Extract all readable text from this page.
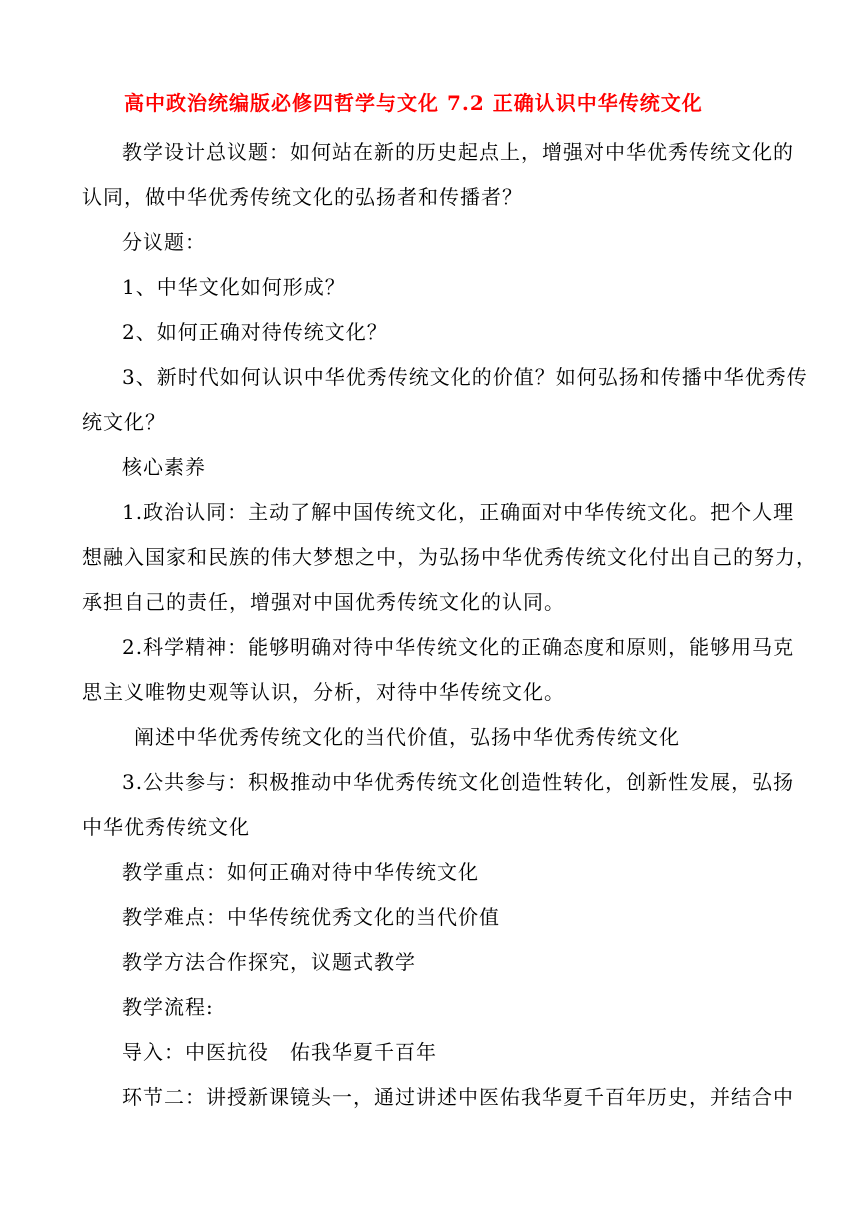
高中政治统编版必修四哲学与文化 7.2 正确认识中华传统文化
教学设计总议题：如何站在新的历史起点上，增强对中华优秀传统文化的
认同，做中华优秀传统文化的弘扬者和传播者？
分议题：
1、中华文化如何形成？
2、如何正确对待传统文化？
3、新时代如何认识中华优秀传统文化的价值？如何弘扬和传播中华优秀传
统文化？
核心素养
1.政治认同：主动了解中国传统文化，正确面对中华传统文化。把个人理
想融入国家和民族的伟大梦想之中，为弘扬中华优秀传统文化付出自己的努力，
承担自己的责任，增强对中国优秀传统文化的认同。
2.科学精神：能够明确对待中华传统文化的正确态度和原则，能够用马克
思主义唯物史观等认识，分析，对待中华传统文化。
阐述中华优秀传统文化的当代价值，弘扬中华优秀传统文化
3.公共参与：积极推动中华优秀传统文化创造性转化，创新性发展，弘扬
中华优秀传统文化
教学重点：如何正确对待中华传统文化
教学难点：中华传统优秀文化的当代价值
教学方法合作探究，议题式教学
教学流程:
导入：中医抗役　佑我华夏千百年
环节二：讲授新课镜头一，通过讲述中医佑我华夏千百年历史，并结合中
